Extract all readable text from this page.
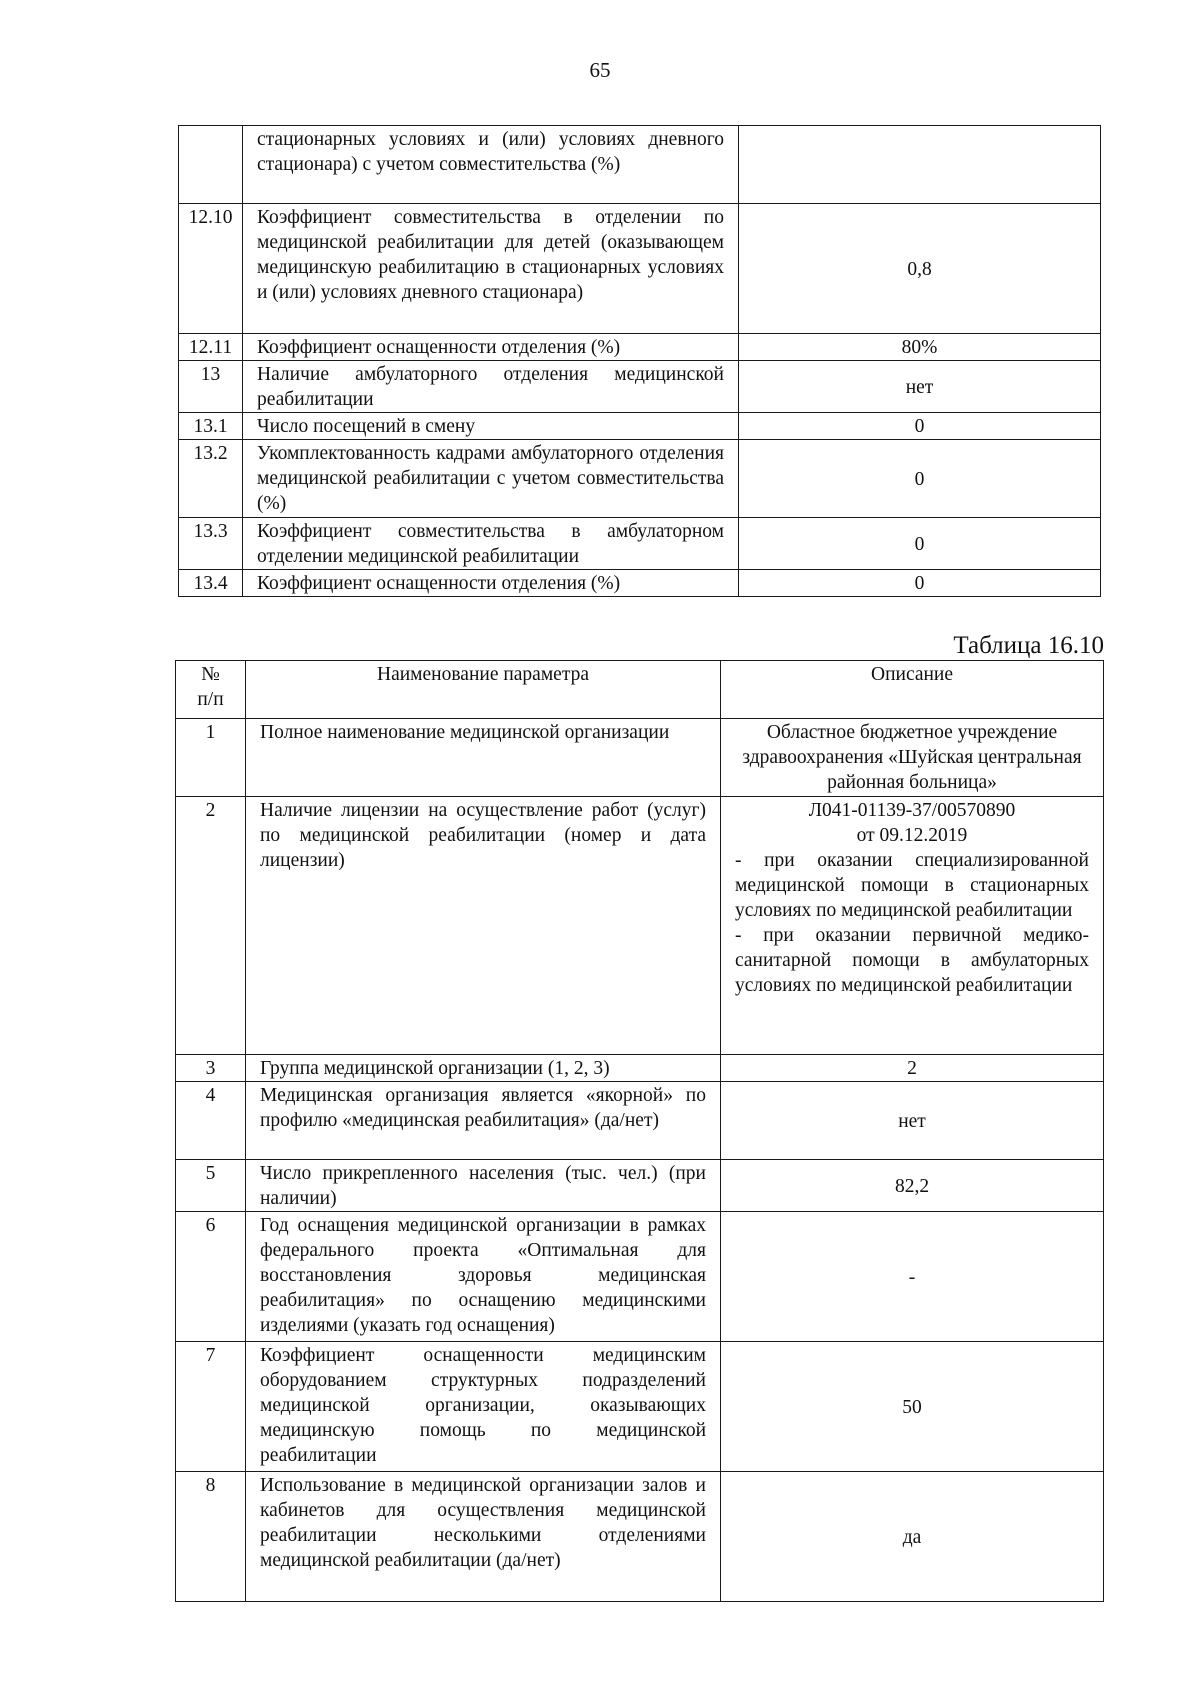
65
	стационарных условиях и (или) условиях дневного стационара) с учетом совместительства (%)	
12.10	Коэффициент совместительства в отделении по медицинской реабилитации для детей (оказывающем медицинскую реабилитацию в стационарных условиях и (или) условиях дневного стационара)	0,8
12.11	Коэффициент оснащенности отделения (%)	80%
13	Наличие амбулаторного отделения медицинской реабилитации	нет
13.1	Число посещений в смену	0
13.2	Укомплектованность кадрами амбулаторного отделения медицинской реабилитации с учетом совместительства (%)	0
13.3	Коэффициент совместительства в амбулаторном отделении медицинской реабилитации	0
13.4	Коэффициент оснащенности отделения (%)	0
Таблица 16.10
№
п/п	Наименование параметра	Описание
1	Полное наименование медицинской организации	Областное бюджетное учреждение здравоохранения «Шуйская центральная районная больница»
2	Наличие лицензии на осуществление работ (услуг) по медицинской реабилитации (номер и дата лицензии)	Л041-01139-37/00570890
от 09.12.2019
- при оказании специализированной медицинской помощи в стационарных условиях по медицинской реабилитации
- при оказании первичной медико-санитарной помощи в амбулаторных условиях по медицинской реабилитации

3	Группа медицинской организации (1, 2, 3)	2
4	Медицинская организация является «якорной» по профилю «медицинская реабилитация» (да/нет)	нет
5	Число прикрепленного населения (тыс. чел.) (при наличии)	82,2
6	Год оснащения медицинской организации в рамках федерального проекта «Оптимальная для восстановления здоровья медицинская реабилитация» по оснащению медицинскими изделиями (указать год оснащения)	-
7	Коэффициент оснащенности медицинским оборудованием структурных подразделений медицинской организации, оказывающих медицинскую помощь по медицинской реабилитации	50
8	Использование в медицинской организации залов и кабинетов для осуществления медицинской реабилитации несколькими отделениями медицинской реабилитации (да/нет)	да
